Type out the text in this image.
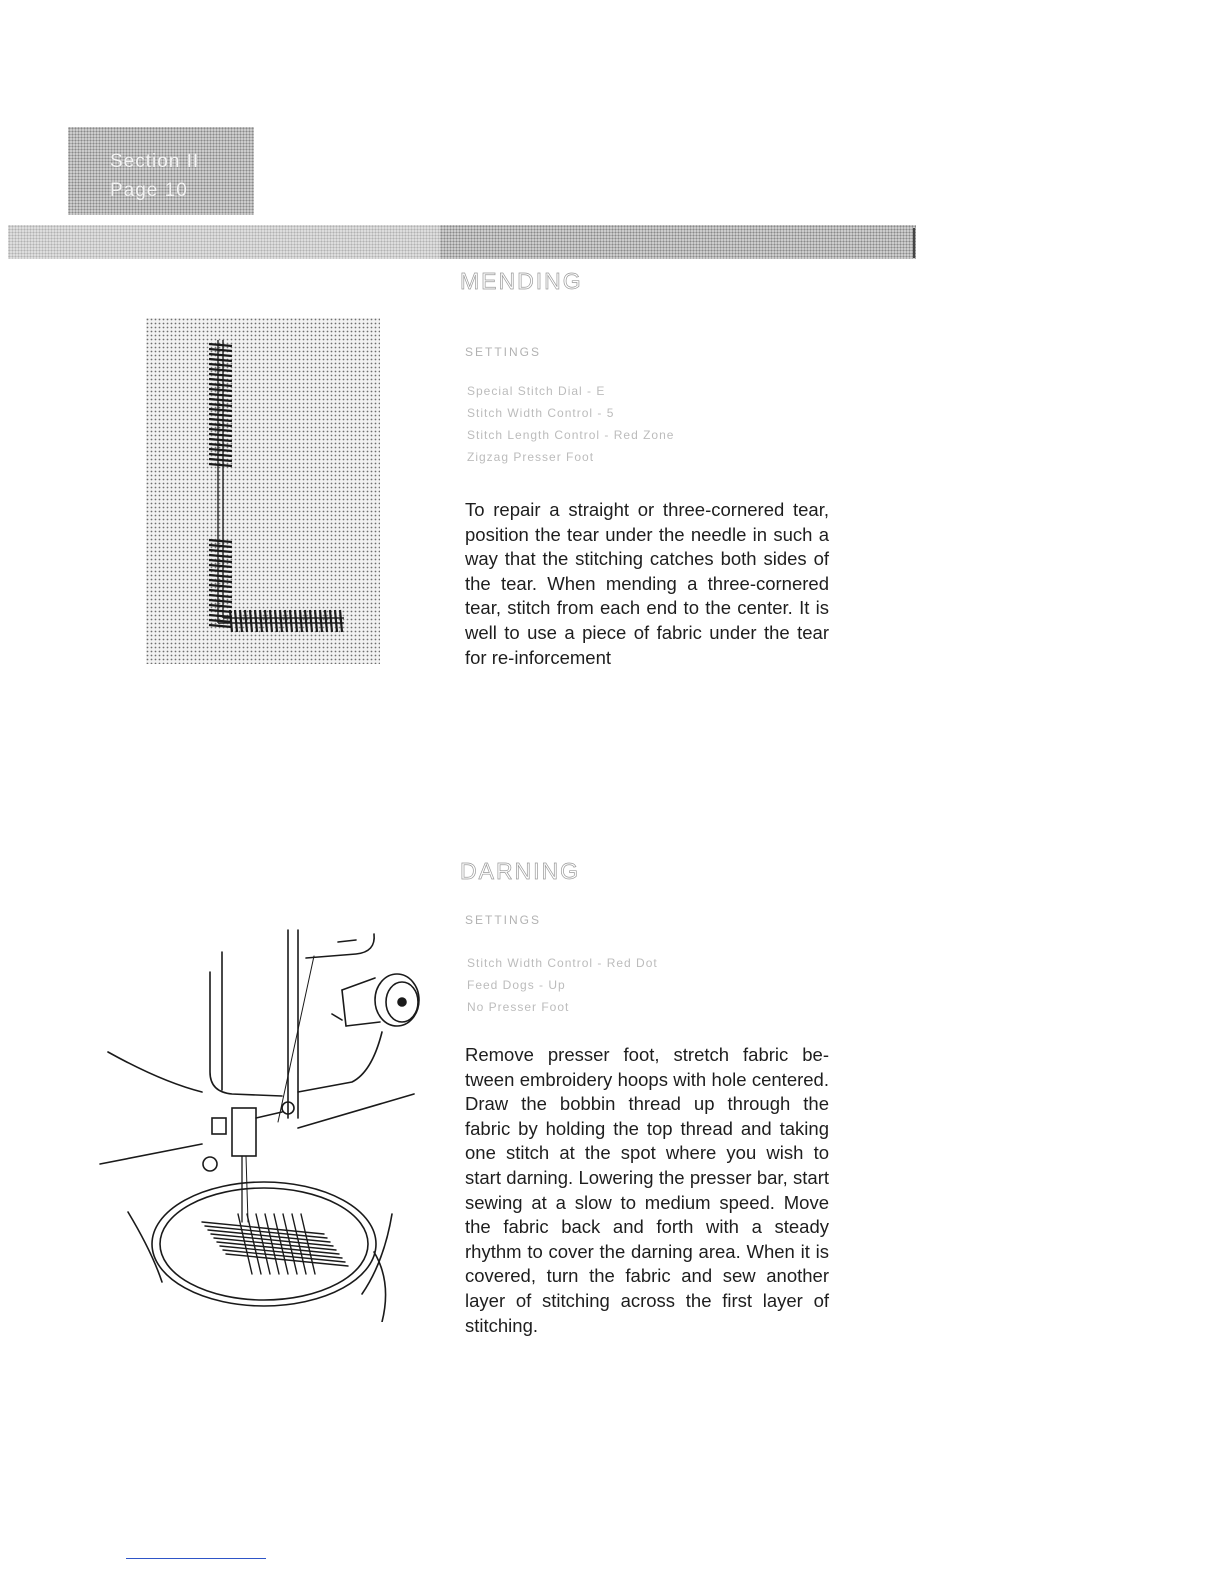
Section II
Page 10
MENDING
SETTINGS
Special Stitch Dial - E
Stitch Width Control - 5
Stitch Length Control - Red Zone
Zigzag Presser Foot

To repair a straight or three-cornered tear, position the tear under the needle in such a way that the stitching catches both sides of the tear. When mending a three-cornered tear, stitch from each end to the center. It is well to use a piece of fabric under the tear for re-inforcement

DARNING
SETTINGS
Stitch Width Control - Red Dot
Feed Dogs - Up
No Presser Foot

Remove presser foot, stretch fabric be-tween embroidery hoops with hole centered. Draw the bobbin thread up through the fabric by holding the top thread and taking one stitch at the spot where you wish to start darning. Lowering the presser bar, start sewing at a slow to medium speed. Move the fabric back and forth with a steady rhythm to cover the darning area. When it is covered, turn the fabric and sew another layer of stitching across the first layer of stitching.
